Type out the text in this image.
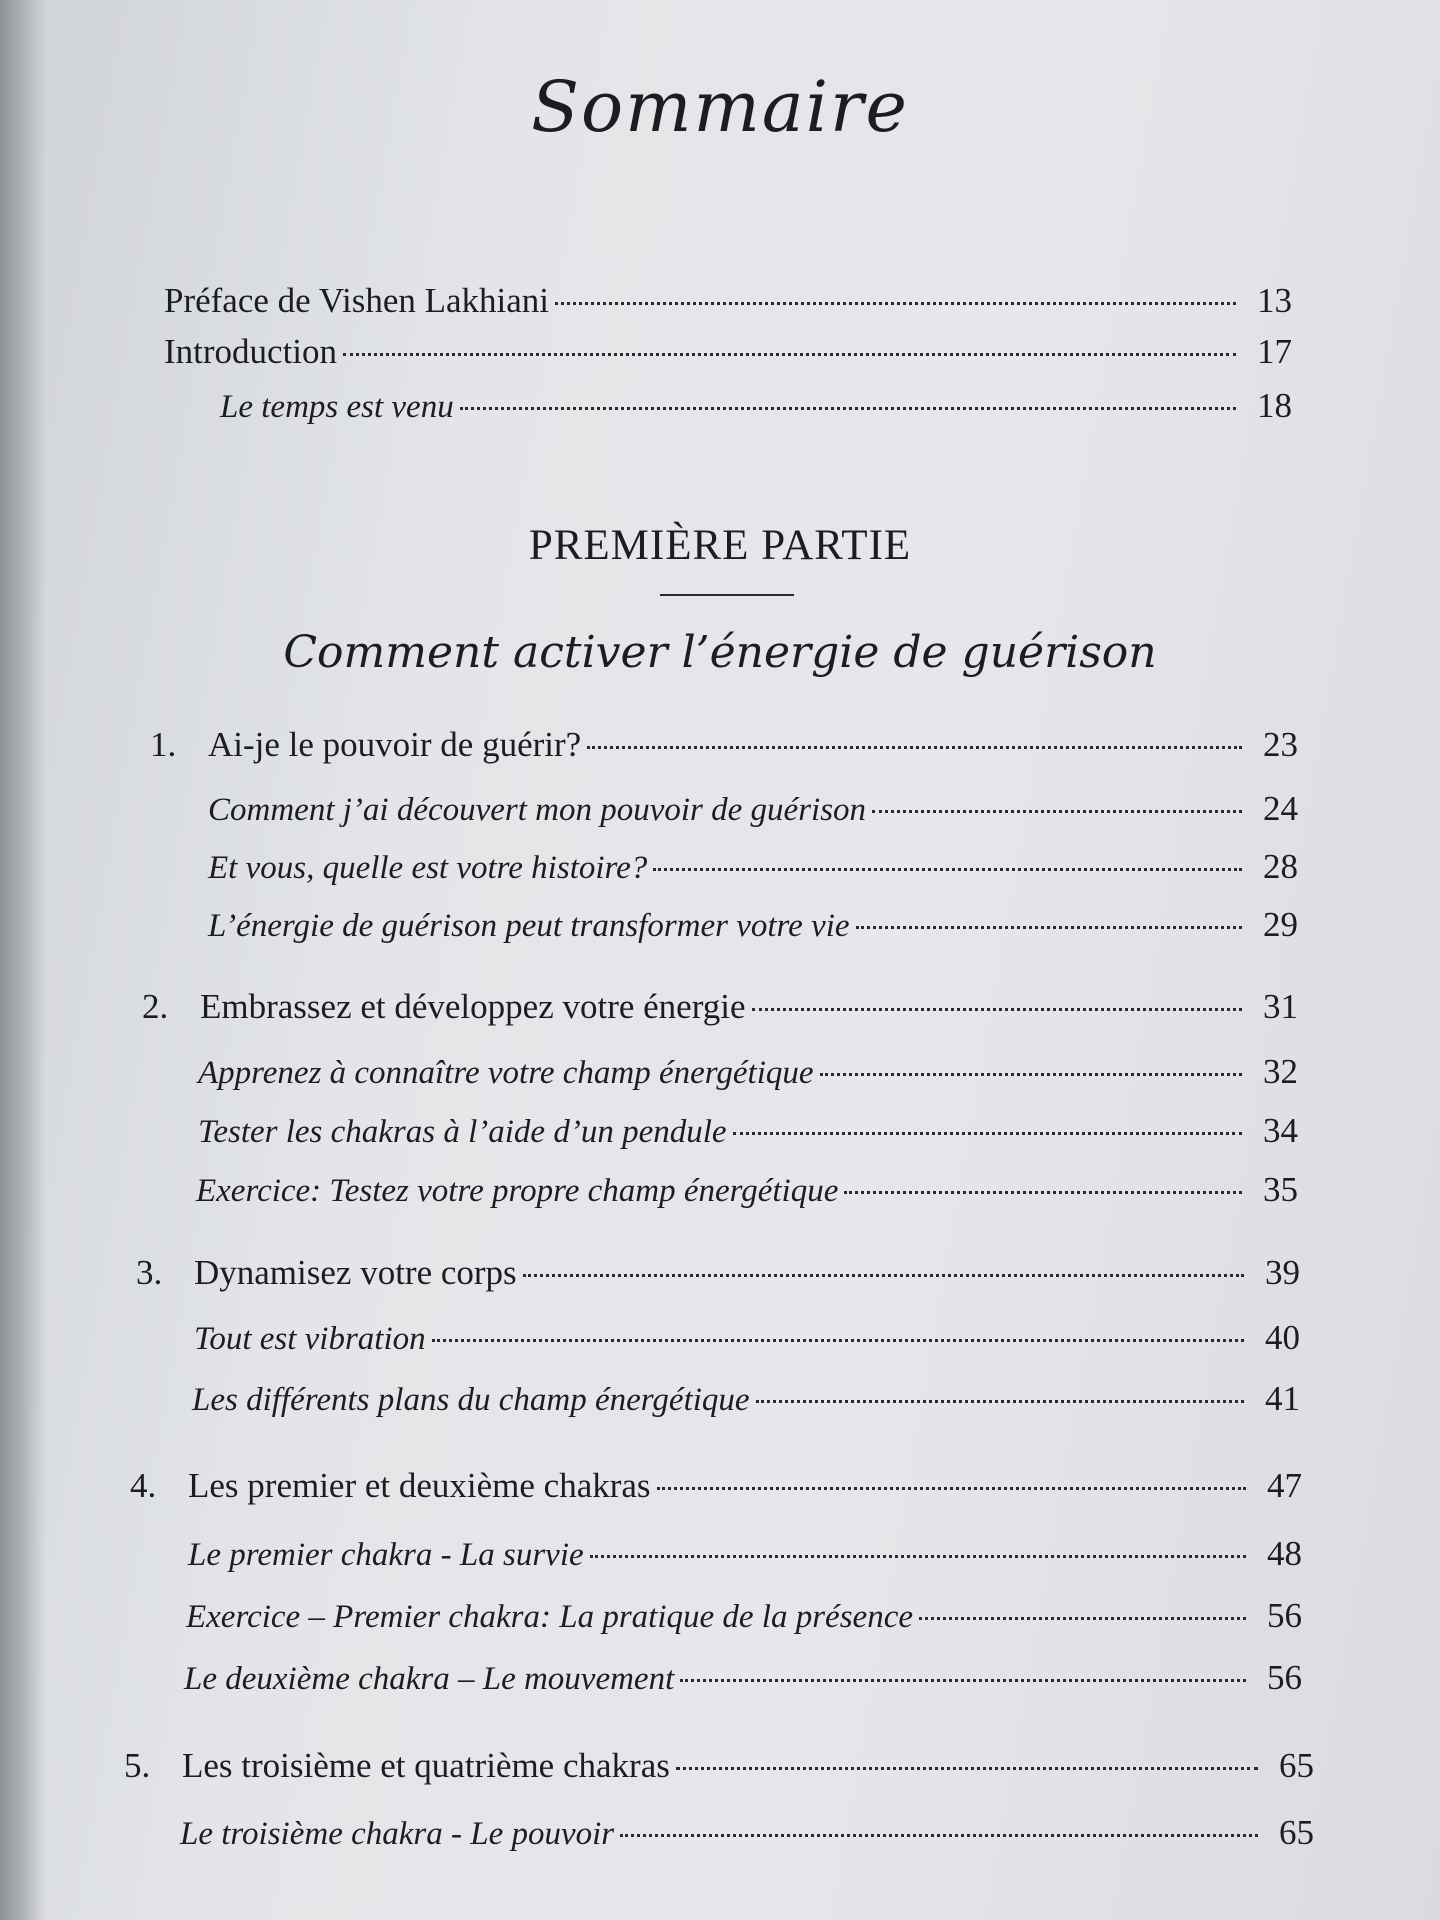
Sommaire
Préface de Vishen Lakhiani	13
Introduction	17
Le temps est venu	18
PREMIÈRE PARTIE
Comment activer l’énergie de guérison
1. Ai-je le pouvoir de guérir?	23
Comment j’ai découvert mon pouvoir de guérison	24
Et vous, quelle est votre histoire?	28
L’énergie de guérison peut transformer votre vie	29
2. Embrassez et développez votre énergie	31
Apprenez à connaître votre champ énergétique	32
Tester les chakras à l’aide d’un pendule	34
Exercice: Testez votre propre champ énergétique	35
3. Dynamisez votre corps	39
Tout est vibration	40
Les différents plans du champ énergétique	41
4. Les premier et deuxième chakras	47
Le premier chakra - La survie	48
Exercice – Premier chakra: La pratique de la présence	56
Le deuxième chakra – Le mouvement	56
5. Les troisième et quatrième chakras	65
Le troisième chakra - Le pouvoir	65
